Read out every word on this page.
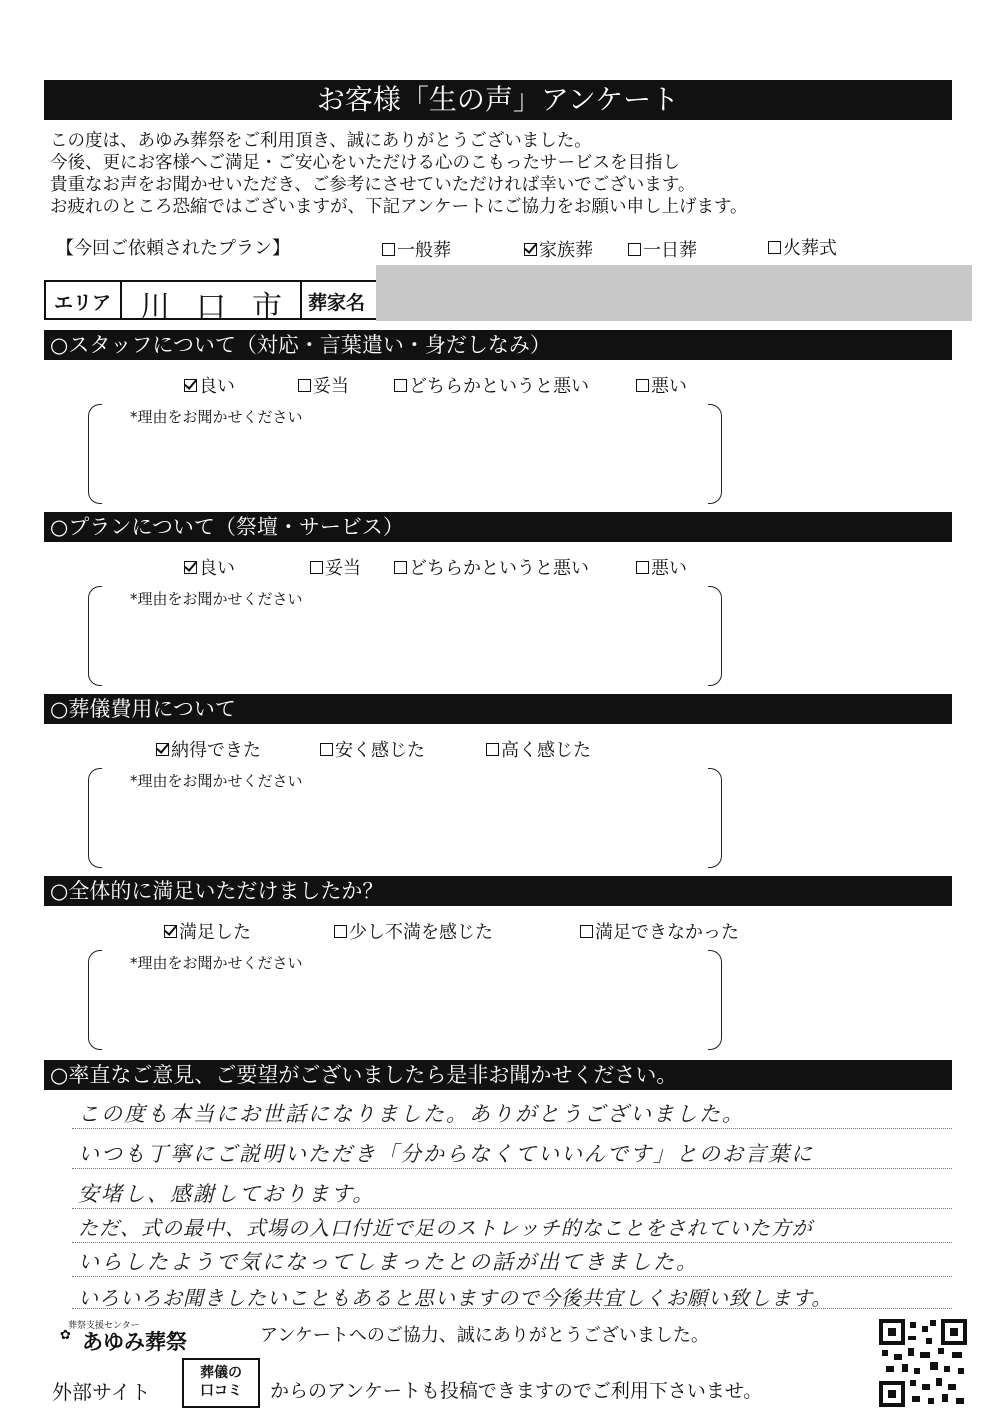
お客様「生の声」アンケート
この度は、あゆみ葬祭をご利用頂き、誠にありがとうございました。
今後、更にお客様へご満足・ご安心をいただける心のこもったサービスを目指し
貴重なお声をお聞かせいただき、ご参考にさせていただければ幸いでございます。
お疲れのところ恐縮ではございますが、下記アンケートにご協力をお願い申し上げます。
【今回ご依頼されたプラン】	一般葬	家族葬	一日葬	火葬式
エリア 川口市 葬家名
○スタッフについて（対応・言葉遣い・身だしなみ）
良い	妥当	どちらかというと悪い	悪い
*理由をお聞かせください
○プランについて（祭壇・サービス）
良い	妥当	どちらかというと悪い	悪い
*理由をお聞かせください
○葬儀費用について
納得できた	安く感じた	高く感じた
*理由をお聞かせください
○全体的に満足いただけましたか？
満足した	少し不満を感じた	満足できなかった
*理由をお聞かせください
○率直なご意見、ご要望がございましたら是非お聞かせください。
この度も本当にお世話になりました。ありがとうございました。
いつも丁寧にご説明いただき「分からなくていいんです」とのお言葉に
安堵し、感謝しております。
ただ、式の最中、式場の入口付近で足のストレッチ的なことをされていた方が
いらしたようで気になってしまったとの話が出てきました。
いろいろお聞きしたいこともあると思いますので今後共宜しくお願い致します。
葬祭支援センター
✿ あゆみ葬祭	アンケートへのご協力、誠にありがとうございました。
外部サイト
葬儀の
口コミ	からのアンケートも投稿できますのでご利用下さいませ。
